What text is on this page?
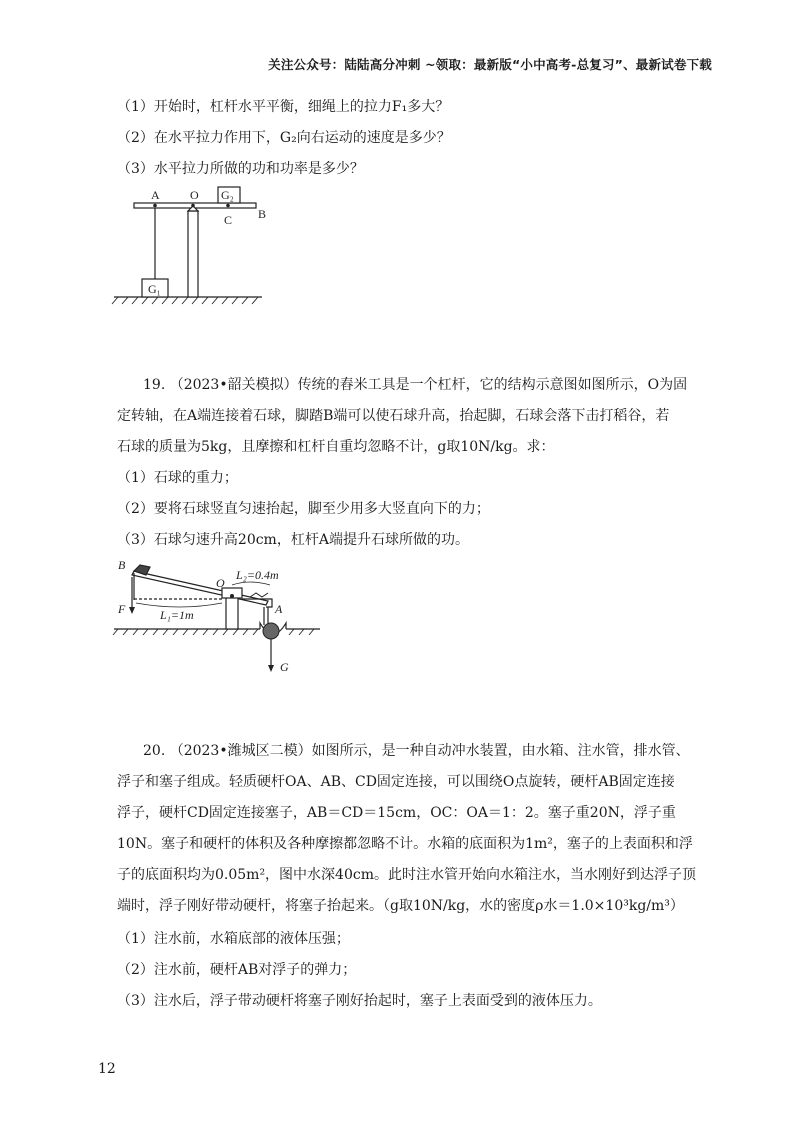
关注公众号：陆陆高分冲刺 ~领取：最新版“小中高考-总复习”、最新试卷下载
（1）开始时，杠杆水平平衡，细绳上的拉力F₁多大？
（2）在水平拉力作用下，G₂向右运动的速度是多少？
（3）水平拉力所做的功和功率是多少？
A	O
C B
G₁
G₂
19. （2023•韶关模拟）传统的舂米工具是一个杠杆，它的结构示意图如图所示，O为固
定转轴，在A端连接着石球，脚踏B端可以使石球升高，抬起脚，石球会落下击打稻谷，若
石球的质量为5kg，且摩擦和杠杆自重均忽略不计，g取10N/kg。求：
（1）石球的重力；
（2）要将石球竖直匀速抬起，脚至少用多大竖直向下的力；
（3）石球匀速升高20cm，杠杆A端提升石球所做的功。
B
O
L₂=0.4m
A
F	L₁=1m
G
20. （2023•潍城区二模）如图所示，是一种自动冲水装置，由水箱、注水管，排水管、
浮子和塞子组成。轻质硬杆OA、AB、CD固定连接，可以围绕O点旋转，硬杆AB固定连接
浮子，硬杆CD固定连接塞子，AB＝CD＝15cm，OC：OA＝1：2。塞子重20N，浮子重
10N。塞子和硬杆的体积及各种摩擦都忽略不计。水箱的底面积为1m²，塞子的上表面积和浮
子的底面积均为0.05m²，图中水深40cm。此时注水管开始向水箱注水，当水刚好到达浮子顶
端时，浮子刚好带动硬杆，将塞子抬起来。（g取10N/kg，水的密度ρ水＝1.0×10³kg/m³）
（1）注水前，水箱底部的液体压强；
（2）注水前，硬杆AB对浮子的弹力；
（3）注水后，浮子带动硬杆将塞子刚好抬起时，塞子上表面受到的液体压力。
12
